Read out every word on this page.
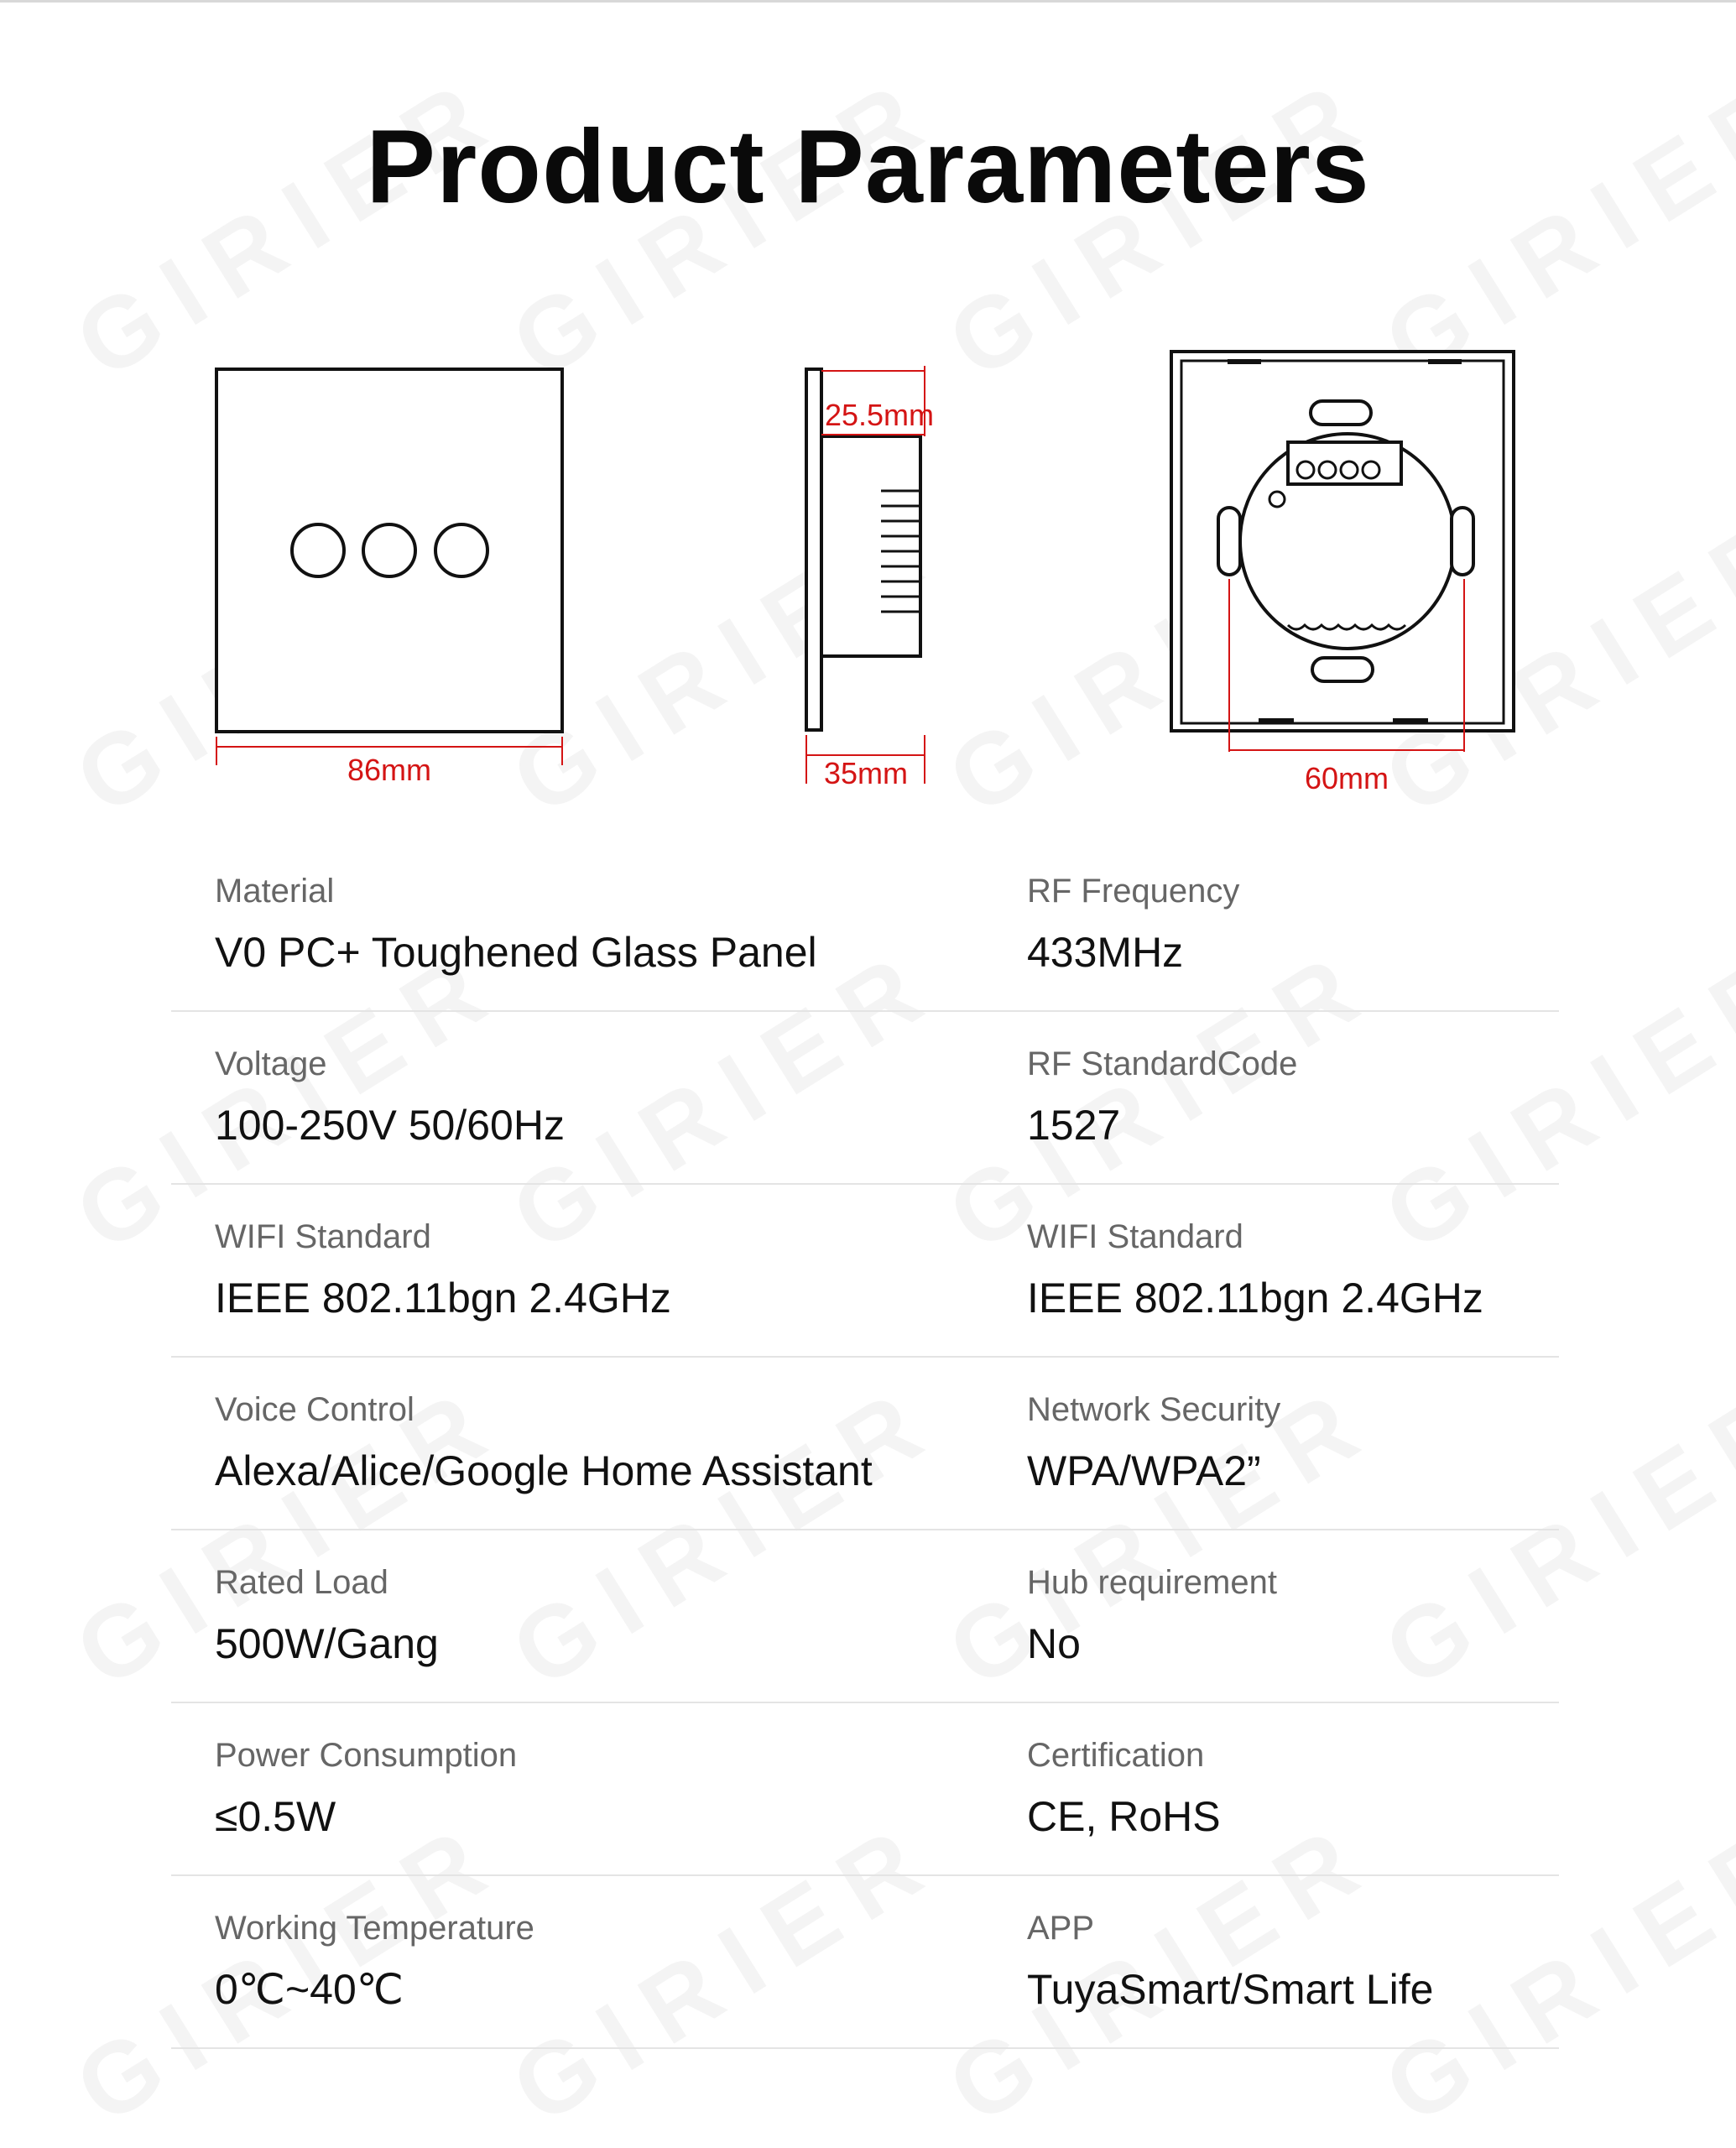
Product Parameters
86mm
25.5mm
35mm	60mm
Material
V0 PC+ Toughened Glass Panel
RF Frequency
433MHz
Voltage
100-250V 50/60Hz
RF StandardCode
1527
WIFI Standard
IEEE 802.11bgn 2.4GHz
WIFI Standard
IEEE 802.11bgn 2.4GHz
Voice Control
Alexa/Alice/Google Home Assistant
Network Security
WPA/WPA2”
Rated Load
500W/Gang
Hub requirement
No
Power Consumption
≤0.5W
Certification
CE, RoHS
Working Temperature
0℃~40℃
APP
TuyaSmart/Smart Life
